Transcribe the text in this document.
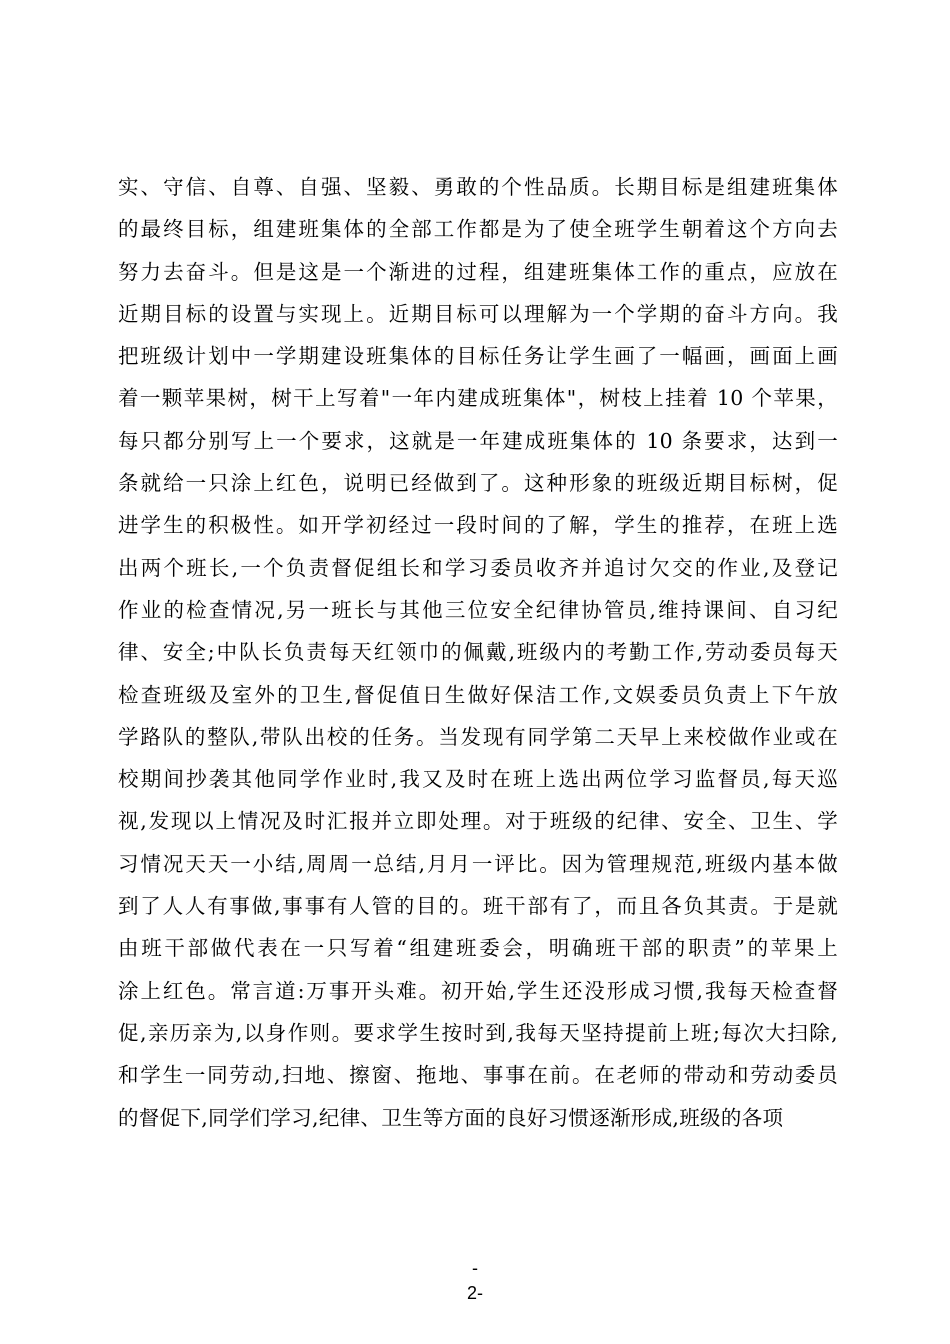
实、守信、自尊、自强、坚毅、勇敢的个性品质。长期目标是组建班集体
的最终目标，组建班集体的全部工作都是为了使全班学生朝着这个方向去
努力去奋斗。但是这是一个渐进的过程，组建班集体工作的重点，应放在
近期目标的设置与实现上。近期目标可以理解为一个学期的奋斗方向。我
把班级计划中一学期建设班集体的目标任务让学生画了一幅画，画面上画
着一颗苹果树，树干上写着"一年内建成班集体"，树枝上挂着 10 个苹果，
每只都分别写上一个要求，这就是一年建成班集体的 10 条要求，达到一
条就给一只涂上红色，说明已经做到了。这种形象的班级近期目标树，促
进学生的积极性。如开学初经过一段时间的了解，学生的推荐，在班上选
出两个班长,一个负责督促组长和学习委员收齐并追讨欠交的作业,及登记
作业的检查情况,另一班长与其他三位安全纪律协管员,维持课间、自习纪
律、安全;中队长负责每天红领巾的佩戴,班级内的考勤工作,劳动委员每天
检查班级及室外的卫生,督促值日生做好保洁工作,文娱委员负责上下午放
学路队的整队,带队出校的任务。当发现有同学第二天早上来校做作业或在
校期间抄袭其他同学作业时,我又及时在班上选出两位学习监督员,每天巡
视,发现以上情况及时汇报并立即处理。对于班级的纪律、安全、卫生、学
习情况天天一小结,周周一总结,月月一评比。因为管理规范,班级内基本做
到了人人有事做,事事有人管的目的。班干部有了，而且各负其责。于是就
由班干部做代表在一只写着“组建班委会，明确班干部的职责”的苹果上
涂上红色。常言道:万事开头难。初开始,学生还没形成习惯,我每天检查督
促,亲历亲为,以身作则。要求学生按时到,我每天坚持提前上班;每次大扫除,
和学生一同劳动,扫地、擦窗、拖地、事事在前。在老师的带动和劳动委员
的督促下,同学们学习,纪律、卫生等方面的良好习惯逐渐形成,班级的各项
-
2-
